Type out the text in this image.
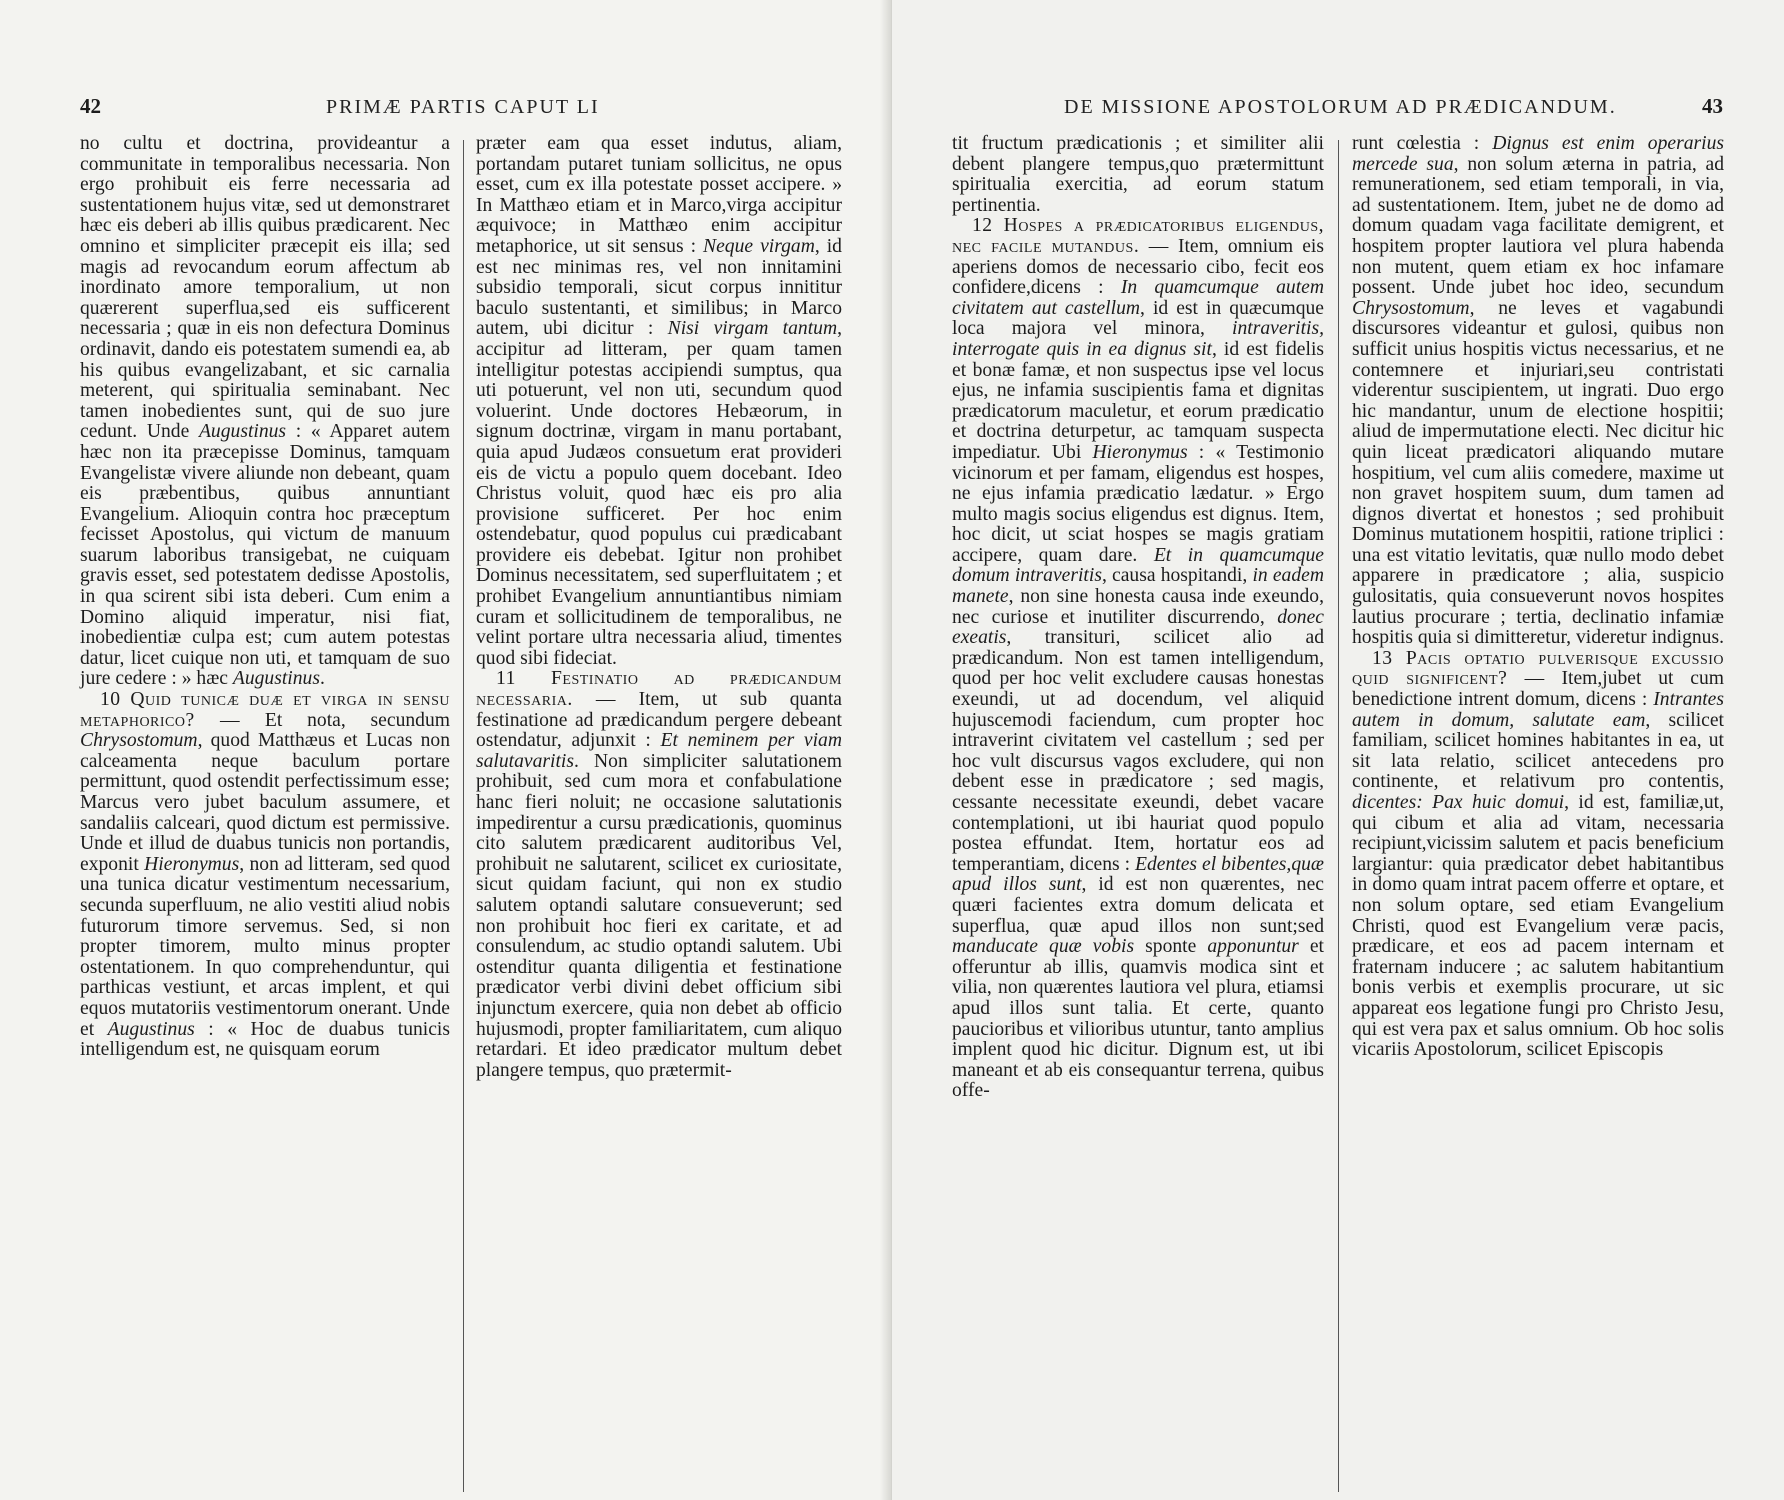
42	PRIMÆ PARTIS CAPUT LI

no cultu et doctrina, provideantur a communitate in temporalibus necessaria. Non ergo prohibuit eis ferre necessaria ad sustentationem hujus vitæ, sed ut demonstraret hæc eis deberi ab illis quibus prædicarent. Nec omnino et simpliciter præcepit eis illa; sed magis ad revocandum eorum affectum ab inordinato amore temporalium, ut non quærerent superflua,sed eis sufficerent necessaria ; quæ in eis non defectura Dominus ordinavit, dando eis potestatem sumendi ea, ab his quibus evangelizabant, et sic carnalia meterent, qui spiritualia seminabant. Nec tamen inobedientes sunt, qui de suo jure cedunt. Unde Augustinus : « Apparet autem hæc non ita præcepisse Dominus, tamquam Evangelistæ vivere aliunde non debeant, quam eis præbentibus, quibus annuntiant Evangelium. Alioquin contra hoc præceptum fecisset Apostolus, qui victum de manuum suarum laboribus transigebat, ne cuiquam gravis esset, sed potestatem dedisse Apostolis, in qua scirent sibi ista deberi. Cum enim a Domino aliquid imperatur, nisi fiat, inobedientiæ culpa est; cum autem potestas datur, licet cuique non uti, et tamquam de suo jure cedere : » hæc Augustinus.

10 Quid tunicæ duæ et virga in sensu metaphorico? — Et nota, secundum Chrysostomum, quod Matthæus et Lucas non calceamenta neque baculum portare permittunt, quod ostendit perfectissimum esse; Marcus vero jubet baculum assumere, et sandaliis calceari, quod dictum est permissive. Unde et illud de duabus tunicis non portandis, exponit Hieronymus, non ad litteram, sed quod una tunica dicatur vestimentum necessarium, secunda superfluum, ne alio vestiti aliud nobis futurorum timore servemus. Sed, si non propter timorem, multo minus propter ostentationem. In quo comprehenduntur, qui parthicas vestiunt, et arcas implent, et qui equos mutatoriis vestimentorum onerant. Unde et Augustinus : « Hoc de duabus tunicis intelligendum est, ne quisquam eorum

præter eam qua esset indutus, aliam, portandam putaret tuniam sollicitus, ne opus esset, cum ex illa potestate posset accipere. » In Matthæo etiam et in Marco,virga accipitur æquivoce; in Matthæo enim accipitur metaphorice, ut sit sensus : Neque virgam, id est nec minimas res, vel non innitamini subsidio temporali, sicut corpus innititur baculo sustentanti, et similibus; in Marco autem, ubi dicitur : Nisi virgam tantum, accipitur ad litteram, per quam tamen intelligitur potestas accipiendi sumptus, qua uti potuerunt, vel non uti, secundum quod voluerint. Unde doctores Hebæorum, in signum doctrinæ, virgam in manu portabant, quia apud Judæos consuetum erat provideri eis de victu a populo quem docebant. Ideo Christus voluit, quod hæc eis pro alia provisione sufficeret. Per hoc enim ostendebatur, quod populus cui prædicabant providere eis debebat. Igitur non prohibet Dominus necessitatem, sed superfluitatem ; et prohibet Evangelium annuntiantibus nimiam curam et sollicitudinem de temporalibus, ne velint portare ultra necessaria aliud, timentes quod sibi fideciat.

11 Festinatio ad prædicandum necessaria. — Item, ut sub quanta festinatione ad prædicandum pergere debeant ostendatur, adjunxit : Et neminem per viam salutavaritis. Non simpliciter salutationem prohibuit, sed cum mora et confabulatione hanc fieri noluit; ne occasione salutationis impedirentur a cursu prædicationis, quominus cito salutem prædicarent auditoribus Vel, prohibuit ne salutarent, scilicet ex curiositate, sicut quidam faciunt, qui non ex studio salutem optandi salutare consueverunt; sed non prohibuit hoc fieri ex caritate, et ad consulendum, ac studio optandi salutem. Ubi ostenditur quanta diligentia et festinatione prædicator verbi divini debet officium sibi injunctum exercere, quia non debet ab officio hujusmodi, propter familiaritatem, cum aliquo retardari. Et ideo prædicator multum debet plangere tempus, quo prætermit-

DE MISSIONE APOSTOLORUM AD PRÆDICANDUM.	43

tit fructum prædicationis ; et similiter alii debent plangere tempus,quo prætermittunt spiritualia exercitia, ad eorum statum pertinentia.

12 Hospes a prædicatoribus eligendus, nec facile mutandus. — Item, omnium eis aperiens domos de necessario cibo, fecit eos confidere,dicens : In quamcumque autem civitatem aut castellum, id est in quæcumque loca majora vel minora, intraveritis, interrogate quis in ea dignus sit, id est fidelis et bonæ famæ, et non suspectus ipse vel locus ejus, ne infamia suscipientis fama et dignitas prædicatorum maculetur, et eorum prædicatio et doctrina deturpetur, ac tamquam suspecta impediatur. Ubi Hieronymus : « Testimonio vicinorum et per famam, eligendus est hospes, ne ejus infamia prædicatio lædatur. » Ergo multo magis socius eligendus est dignus. Item, hoc dicit, ut sciat hospes se magis gratiam accipere, quam dare. Et in quamcumque domum intraveritis, causa hospitandi, in eadem manete, non sine honesta causa inde exeundo, nec curiose et inutiliter discurrendo, donec exeatis, transituri, scilicet alio ad prædicandum. Non est tamen intelligendum, quod per hoc velit excludere causas honestas exeundi, ut ad docendum, vel aliquid hujuscemodi faciendum, cum propter hoc intraverint civitatem vel castellum ; sed per hoc vult discursus vagos excludere, qui non debent esse in prædicatore ; sed magis, cessante necessitate exeundi, debet vacare contemplationi, ut ibi hauriat quod populo postea effundat. Item, hortatur eos ad temperantiam, dicens : Edentes el bibentes,quæ apud illos sunt, id est non quærentes, nec quæri facientes extra domum delicata et superflua, quæ apud illos non sunt;sed manducate quæ vobis sponte apponuntur et offeruntur ab illis, quamvis modica sint et vilia, non quærentes lautiora vel plura, etiamsi apud illos sunt talia. Et certe, quanto paucioribus et vilioribus utuntur, tanto amplius implent quod hic dicitur. Dignum est, ut ibi maneant et ab eis consequantur terrena, quibus offe-

runt cœlestia : Dignus est enim operarius mercede sua, non solum æterna in patria, ad remunerationem, sed etiam temporali, in via, ad sustentationem. Item, jubet ne de domo ad domum quadam vaga facilitate demigrent, et hospitem propter lautiora vel plura habenda non mutent, quem etiam ex hoc infamare possent. Unde jubet hoc ideo, secundum Chrysostomum, ne leves et vagabundi discursores videantur et gulosi, quibus non sufficit unius hospitis victus necessarius, et ne contemnere et injuriari,seu contristati viderentur suscipientem, ut ingrati. Duo ergo hic mandantur, unum de electione hospitii; aliud de impermutatione electi. Nec dicitur hic quin liceat prædicatori aliquando mutare hospitium, vel cum aliis comedere, maxime ut non gravet hospitem suum, dum tamen ad dignos divertat et honestos ; sed prohibuit Dominus mutationem hospitii, ratione triplici : una est vitatio levitatis, quæ nullo modo debet apparere in prædicatore ; alia, suspicio gulositatis, quia consueverunt novos hospites lautius procurare ; tertia, declinatio infamiæ hospitis quia si dimitteretur, videretur indignus.

13 Pacis optatio pulverisque excussio quid significent? — Item,jubet ut cum benedictione intrent domum, dicens : Intrantes autem in domum, salutate eam, scilicet familiam, scilicet homines habitantes in ea, ut sit lata relatio, scilicet antecedens pro continente, et relativum pro contentis, dicentes: Pax huic domui, id est, familiæ,ut, qui cibum et alia ad vitam, necessaria recipiunt,vicissim salutem et pacis beneficium largiantur: quia prædicator debet habitantibus in domo quam intrat pacem offerre et optare, et non solum optare, sed etiam Evangelium Christi, quod est Evangelium veræ pacis, prædicare, et eos ad pacem internam et fraternam inducere ; ac salutem habitantium bonis verbis et exemplis procurare, ut sic appareat eos legatione fungi pro Christo Jesu, qui est vera pax et salus omnium. Ob hoc solis vicariis Apostolorum, scilicet Episcopis
